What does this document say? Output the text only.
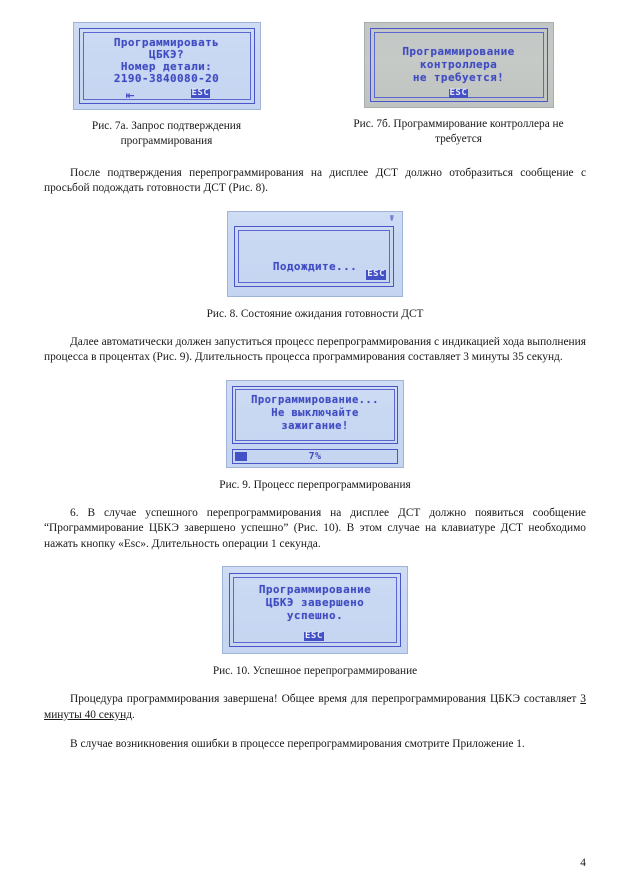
Программировать
ЦБКЭ?
Номер детали:
2190-3840080-20
⇤	ESC
Рис. 7а. Запрос подтверждения
программирования
Программирование
контроллера
не требуется!
ESC
Рис. 7б. Программирование контроллера не
требуется

После подтверждения перепрограммирования на дисплее ДСТ должно отобразиться сообщение с просьбой подождать готовности ДСТ (Рис. 8).

☤
Подождите...
ESC
Рис. 8. Состояние ожидания готовности ДСТ

Далее автоматически должен запуститься процесс перепрограммирования с индикацией хода выполнения процесса в процентах (Рис. 9). Длительность процесса программирования составляет 3 минуты 35 секунд.

Программирование...
Не выключайте
зажигание!
7%
Рис. 9. Процесс перепрограммирования

6. В случае успешного перепрограммирования на дисплее ДСТ должно появиться сообщение “Программирование ЦБКЭ завершено успешно” (Рис. 10). В этом случае на клавиатуре ДСТ необходимо нажать кнопку «Esc». Длительность операции 1 секунда.

Программирование
ЦБКЭ завершено
успешно.
ESC
Рис. 10. Успешное перепрограммирование

Процедура программирования завершена! Общее время для перепрограммирования ЦБКЭ составляет 3 минуты 40 секунд.

В случае возникновения ошибки в процессе перепрограммирования смотрите Приложение 1.

4
